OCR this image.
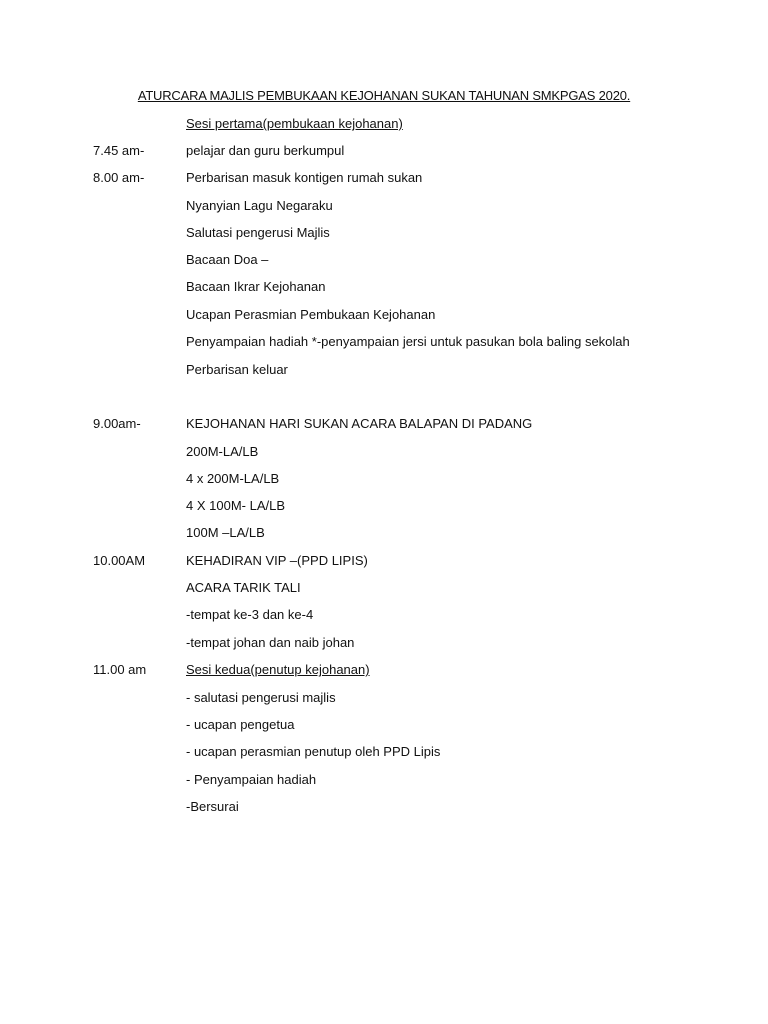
ATURCARA MAJLIS PEMBUKAAN KEJOHANAN SUKAN TAHUNAN SMKPGAS 2020.
Sesi pertama(pembukaan kejohanan)
7.45 am-	pelajar dan guru berkumpul
8.00 am-	Perbarisan masuk kontigen rumah sukan
Nyanyian Lagu Negaraku
Salutasi pengerusi Majlis
Bacaan Doa –
Bacaan Ikrar Kejohanan
Ucapan Perasmian Pembukaan Kejohanan
Penyampaian hadiah *-penyampaian jersi untuk pasukan bola baling sekolah
Perbarisan keluar
9.00am-	KEJOHANAN HARI SUKAN ACARA BALAPAN DI PADANG
200M-LA/LB
4 x 200M-LA/LB
4 X 100M- LA/LB
100M –LA/LB
10.00AM	KEHADIRAN VIP –(PPD LIPIS)
ACARA TARIK TALI
-tempat ke-3 dan ke-4
-tempat johan dan naib johan
11.00 am	Sesi kedua(penutup kejohanan)
- salutasi pengerusi majlis
- ucapan pengetua
- ucapan perasmian penutup oleh PPD Lipis
- Penyampaian hadiah
-Bersurai
